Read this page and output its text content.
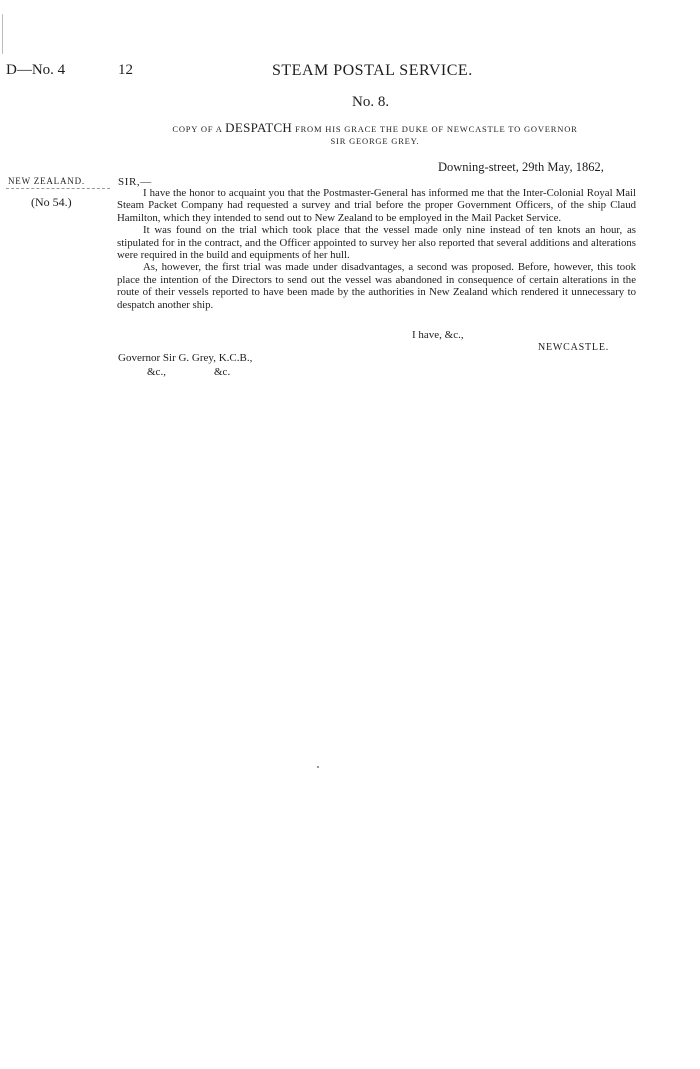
D—No. 4	12	STEAM POSTAL SERVICE.
No. 8.
COPY OF A DESPATCH FROM HIS GRACE THE DUKE OF NEWCASTLE TO GOVERNOR
SIR GEORGE GREY.
Downing-street, 29th May, 1862,
NEW ZEALAND.
(No 54.)
SIR,—

I have the honor to acquaint you that the Postmaster-General has informed me that the Inter-Colonial Royal Mail Steam Packet Company had requested a survey and trial before the proper Government Officers, of the ship Claud Hamilton, which they intended to send out to New Zealand to be employed in the Mail Packet Service.

It was found on the trial which took place that the vessel made only nine instead of ten knots an hour, as stipulated for in the contract, and the Officer appointed to survey her also reported that several additions and alterations were required in the build and equipments of her hull.

As, however, the first trial was made under disadvantages, a second was proposed. Before, however, this took place the intention of the Directors to send out the vessel was abandoned in consequence of certain alterations in the route of their vessels reported to have been made by the authorities in New Zealand which rendered it unnecessary to despatch another ship.

I have, &c.,
NEWCASTLE.
Governor Sir G. Grey, K.C.B.,
&c.,	&c.
